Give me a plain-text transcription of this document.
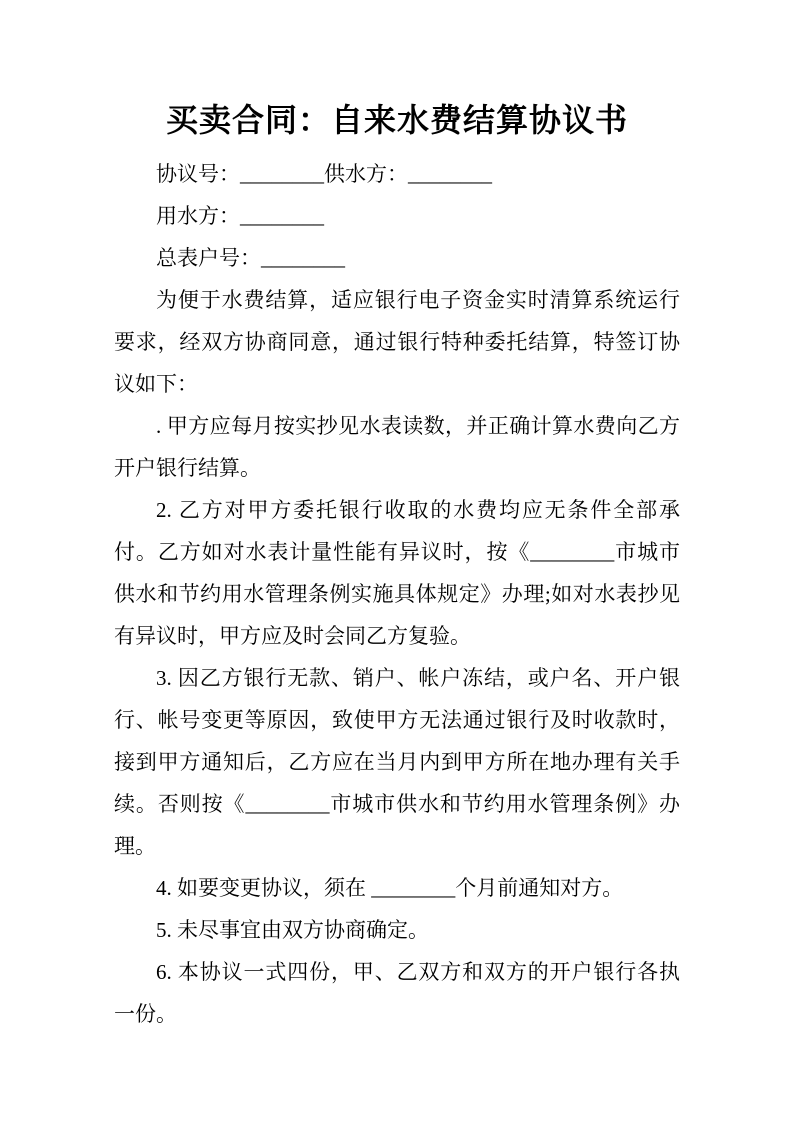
买卖合同：自来水费结算协议书

协议号：________供水方：________

用水方：________

总表户号：________

为便于水费结算，适应银行电子资金实时清算系统运行要求，经双方协商同意，通过银行特种委托结算，特签订协议如下：

. 甲方应每月按实抄见水表读数，并正确计算水费向乙方开户银行结算。

2. 乙方对甲方委托银行收取的水费均应无条件全部承付。乙方如对水表计量性能有异议时，按《________市城市供水和节约用水管理条例实施具体规定》办理;如对水表抄见有异议时，甲方应及时会同乙方复验。

3. 因乙方银行无款、销户、帐户冻结，或户名、开户银行、帐号变更等原因，致使甲方无法通过银行及时收款时，接到甲方通知后，乙方应在当月内到甲方所在地办理有关手续。否则按《________市城市供水和节约用水管理条例》办理。

4. 如要变更协议，须在 ________个月前通知对方。

5. 未尽事宜由双方协商确定。

6. 本协议一式四份，甲、乙双方和双方的开户银行各执一份。
